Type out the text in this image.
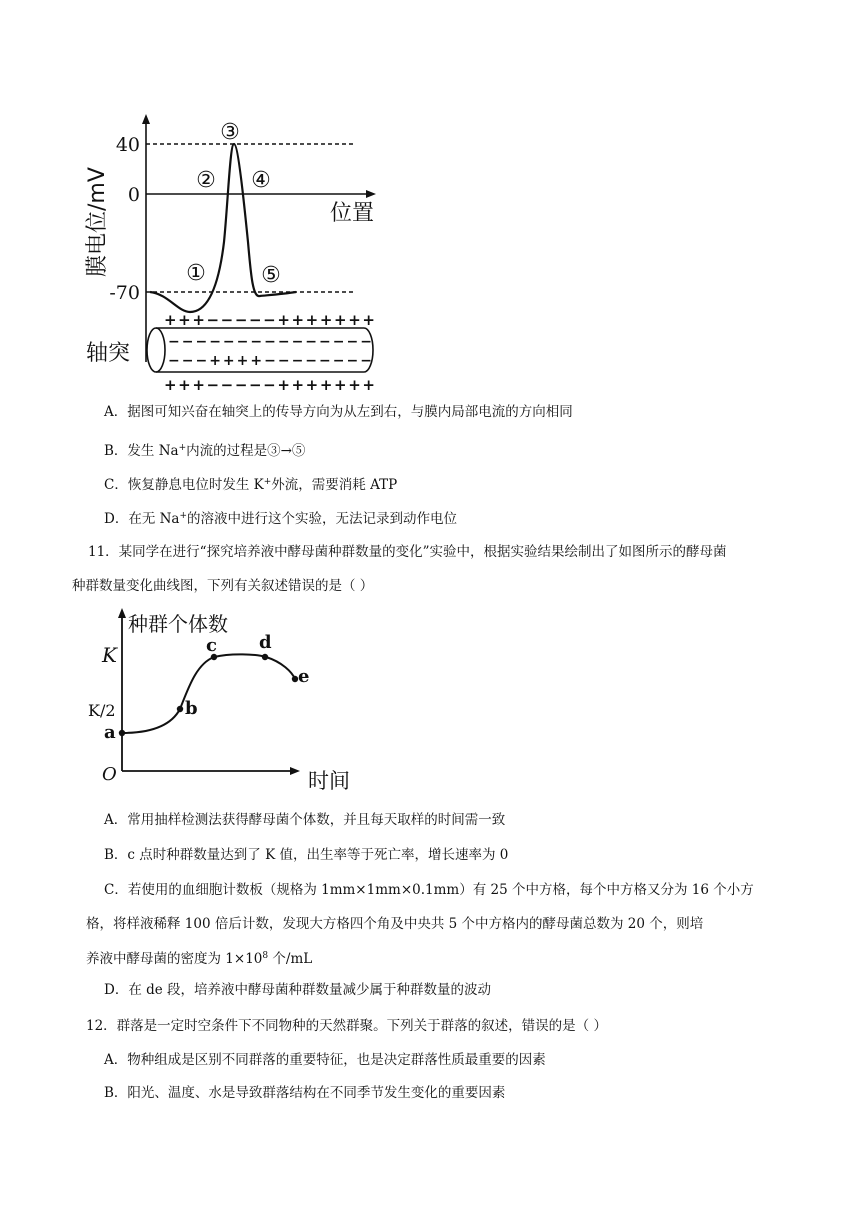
40
0
-70
膜电位/mV	位置
①
②
③
④
⑤
轴突
+++−−−−−+++++++
−−−−−−−−−−−−−−−
−−−++++−−−−−−−−
+++−−−−−+++++++
A．据图可知兴奋在轴突上的传导方向为从左到右，与膜内局部电流的方向相同
B．发生 Na+内流的过程是③→⑤
C．恢复静息电位时发生 K+外流，需要消耗 ATP
D．在无 Na+的溶液中进行这个实验，无法记录到动作电位
11．某同学在进行“探究培养液中酵母菌种群数量的变化”实验中，根据实验结果绘制出了如图所示的酵母菌
种群数量变化曲线图，下列有关叙述错误的是（ ）
种群个体数
时间
O
K
K/2
a
b
c d
e
A．常用抽样检测法获得酵母菌个体数，并且每天取样的时间需一致
B．c 点时种群数量达到了 K 值，出生率等于死亡率，增长速率为 0
C．若使用的血细胞计数板（规格为 1mm×1mm×0.1mm）有 25 个中方格，每个中方格又分为 16 个小方
格，将样液稀释 100 倍后计数，发现大方格四个角及中央共 5 个中方格内的酵母菌总数为 20 个，则培
养液中酵母菌的密度为 $1\times 10^8$ 个/mL
D．在 de 段，培养液中酵母菌种群数量减少属于种群数量的波动
12．群落是一定时空条件下不同物种的天然群聚。下列关于群落的叙述，错误的是（ ）
A．物种组成是区别不同群落的重要特征，也是决定群落性质最重要的因素
B．阳光、温度、水是导致群落结构在不同季节发生变化的重要因素
